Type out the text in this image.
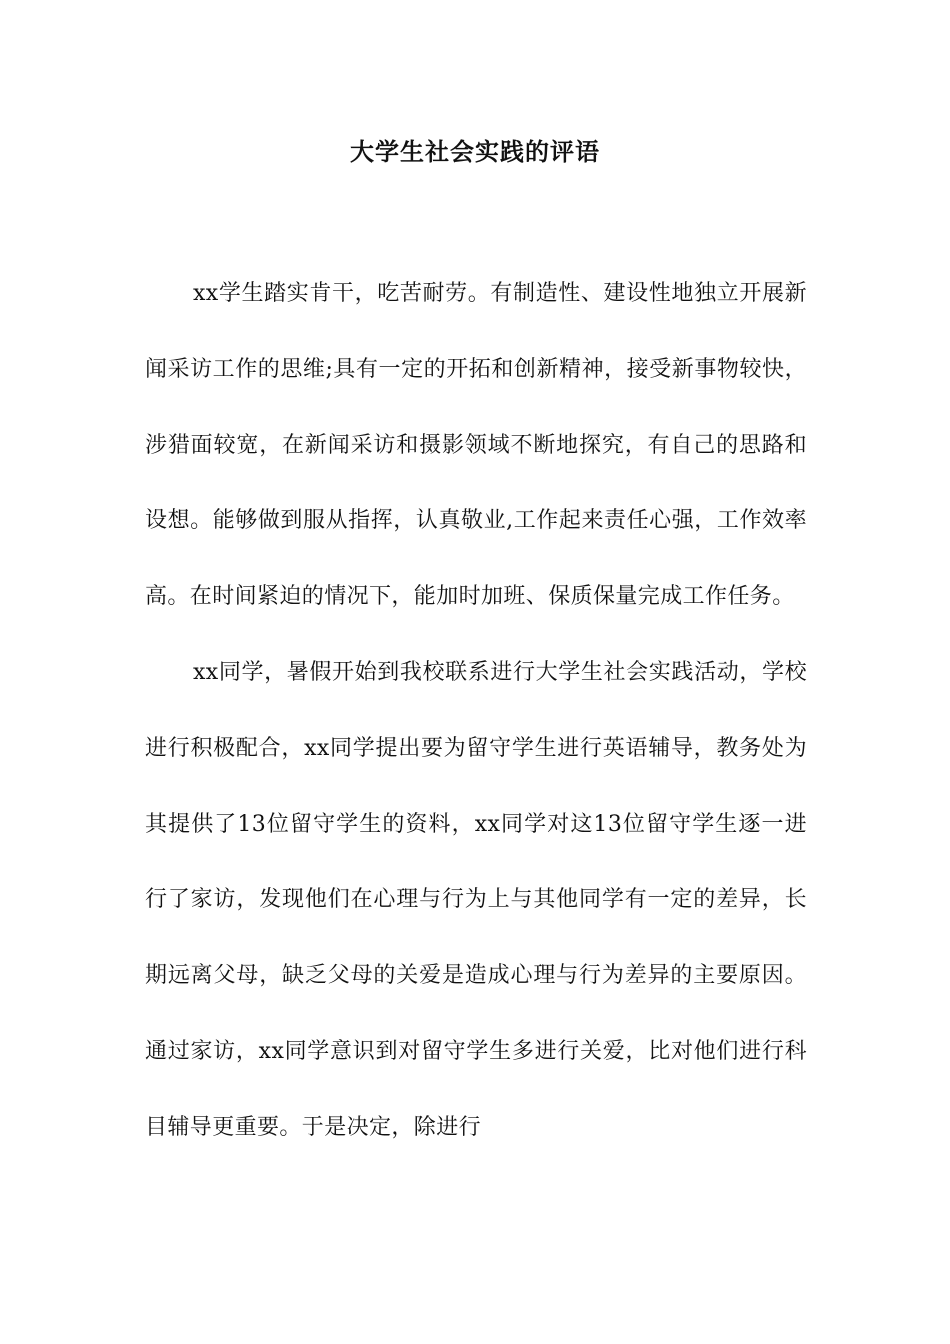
大学生社会实践的评语

xx学生踏实肯干，吃苦耐劳。有制造性、建设性地独立开展新闻采访工作的思维;具有一定的开拓和创新精神，接受新事物较快，涉猎面较宽，在新闻采访和摄影领域不断地探究，有自己的思路和设想。能够做到服从指挥，认真敬业,工作起来责任心强，工作效率高。在时间紧迫的情况下，能加时加班、保质保量完成工作任务。

xx同学，暑假开始到我校联系进行大学生社会实践活动，学校进行积极配合，xx同学提出要为留守学生进行英语辅导，教务处为其提供了13位留守学生的资料，xx同学对这13位留守学生逐一进行了家访，发现他们在心理与行为上与其他同学有一定的差异，长期远离父母，缺乏父母的关爱是造成心理与行为差异的主要原因。通过家访，xx同学意识到对留守学生多进行关爱，比对他们进行科目辅导更重要。于是决定，除进行
